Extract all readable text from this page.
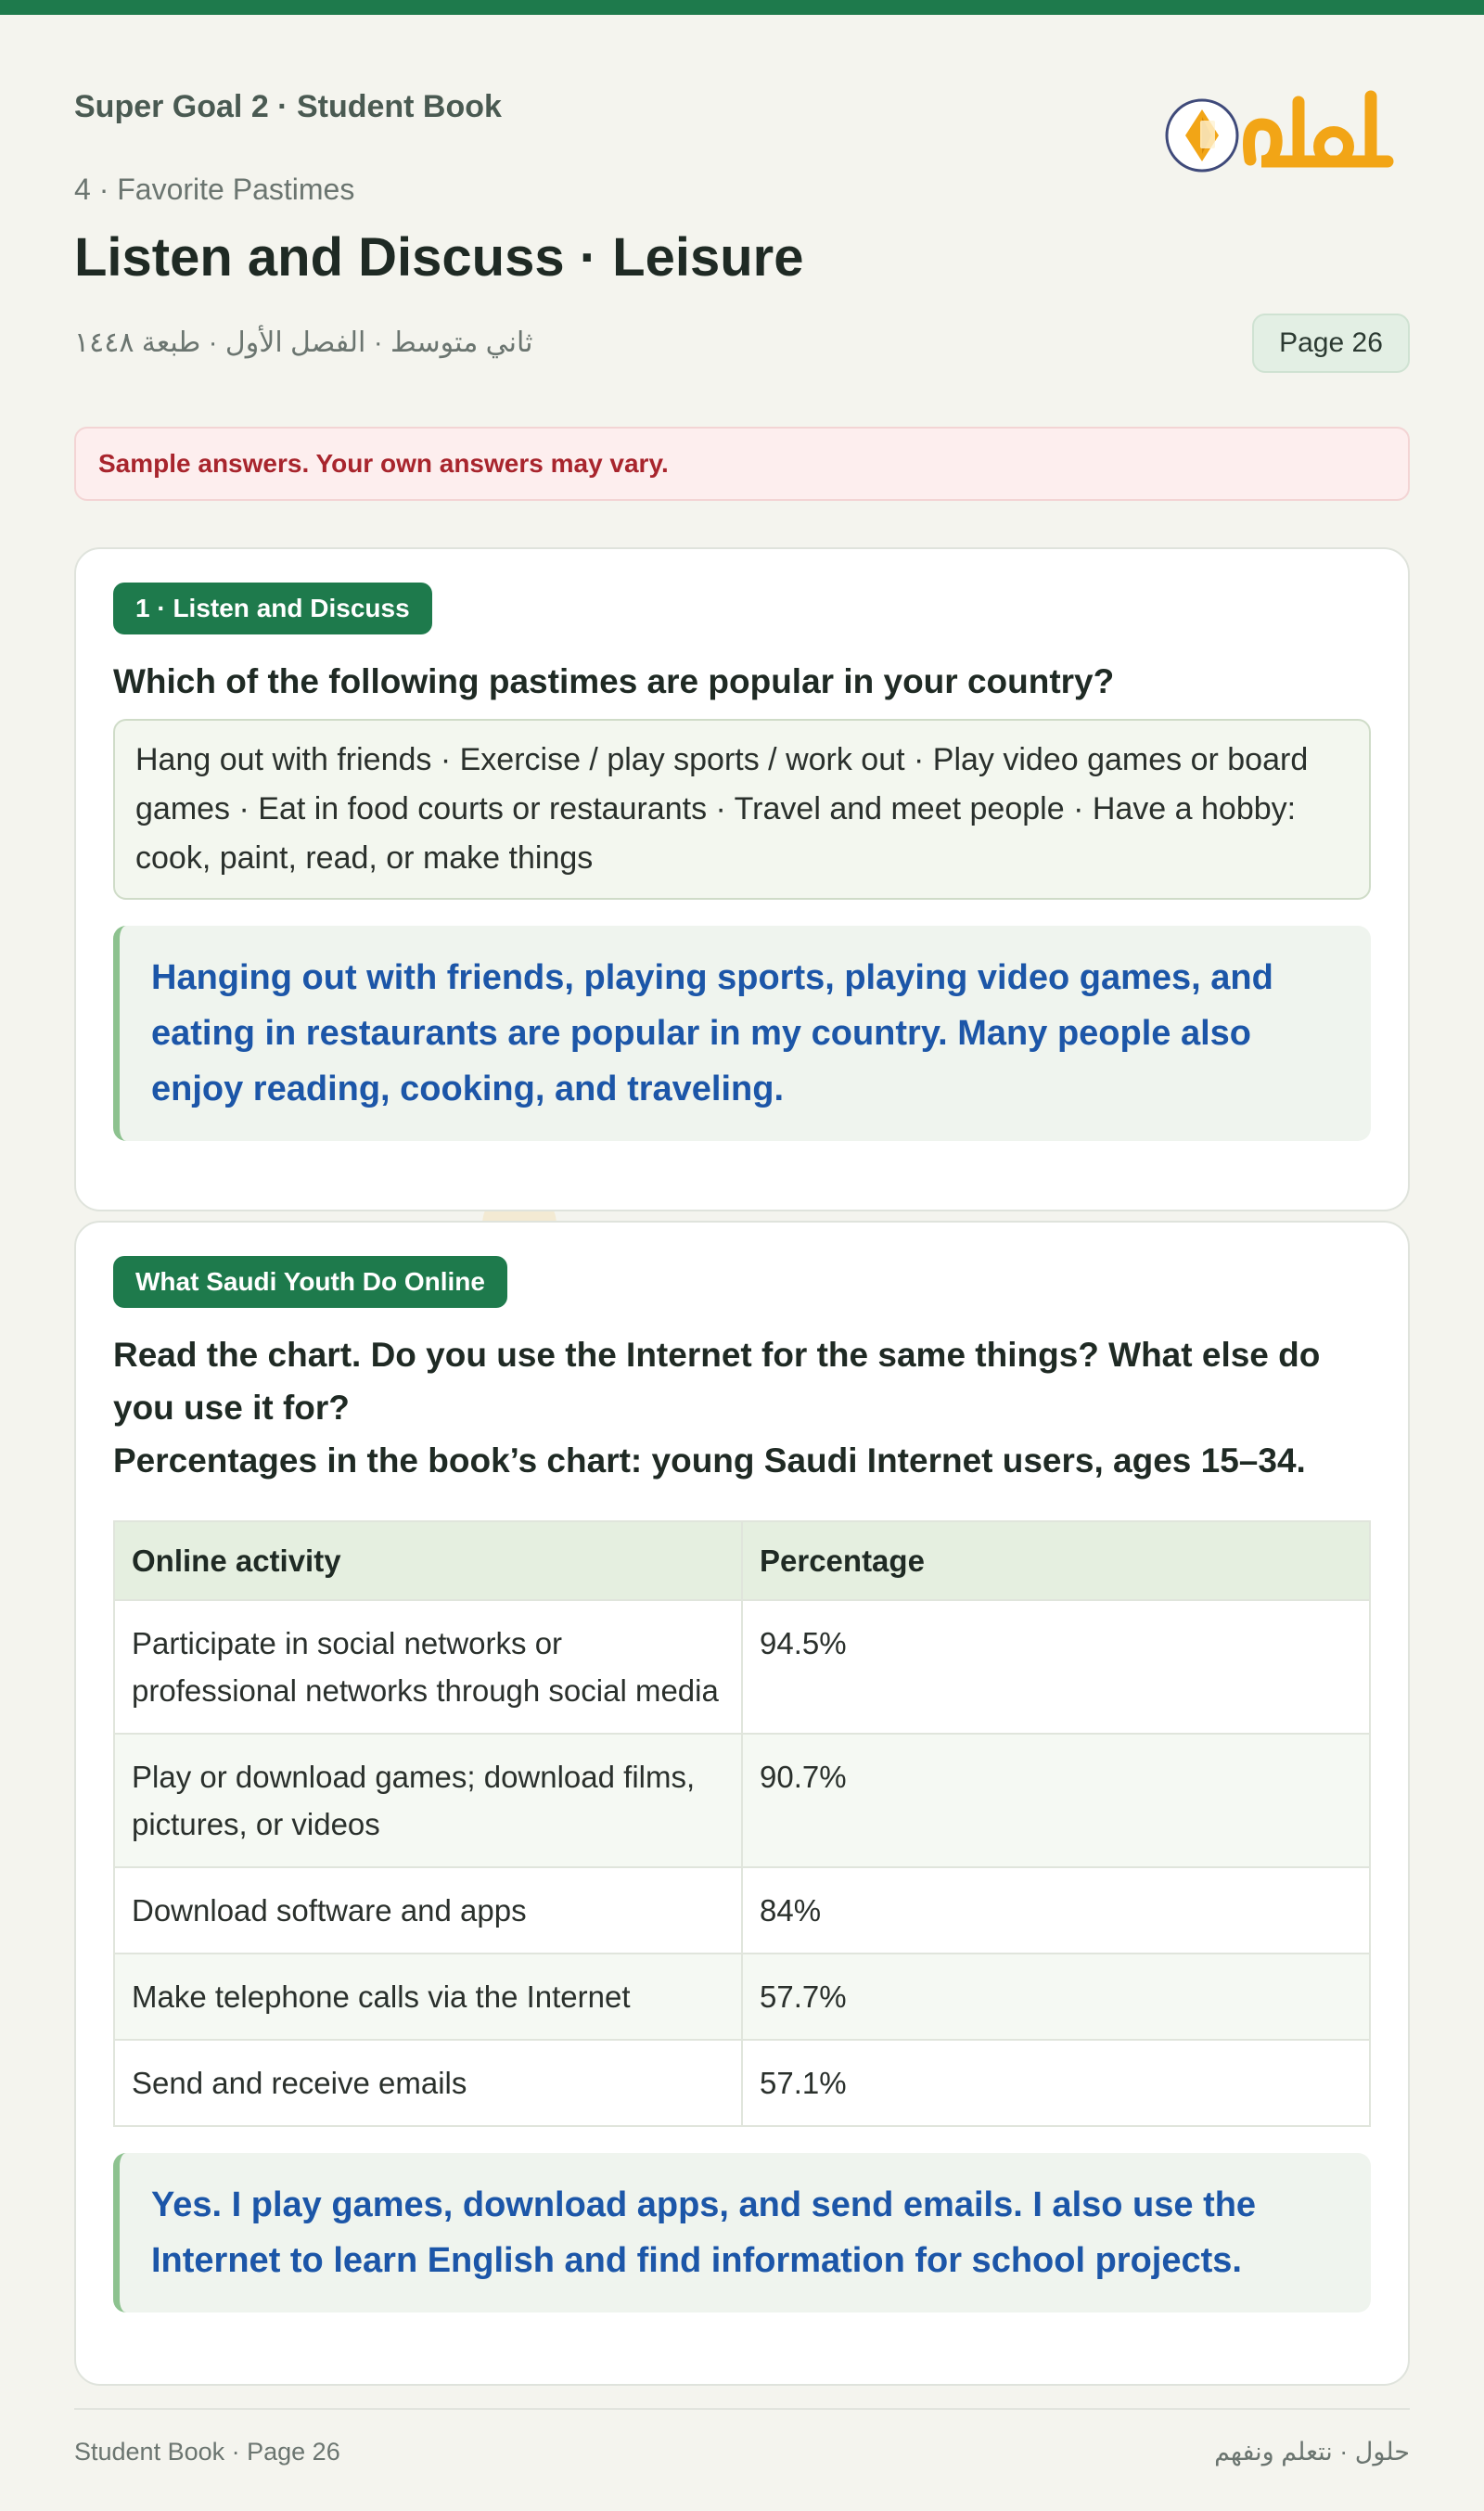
Super Goal 2 · Student Book
4 · Favorite Pastimes
Listen and Discuss · Leisure
ثاني متوسط · الفصل الأول · طبعة ١٤٤٨	Page 26
Sample answers. Your own answers may vary.
1 · Listen and Discuss
Which of the following pastimes are popular in your country?
Hang out with friends · Exercise / play sports / work out · Play video games or board games · Eat in food courts or restaurants · Travel and meet people · Have a hobby: cook, paint, read, or make things
Hanging out with friends, playing sports, playing video games, and eating in restaurants are popular in my country. Many people also enjoy reading, cooking, and traveling.
What Saudi Youth Do Online
Read the chart. Do you use the Internet for the same things? What else do you use it for?
Percentages in the book’s chart: young Saudi Internet users, ages 15–34.
Online activity	Percentage
Participate in social networks or professional networks through social media	94.5%
Play or download games; download films, pictures, or videos	90.7%
Download software and apps	84%
Make telephone calls via the Internet	57.7%
Send and receive emails	57.1%
Yes. I play games, download apps, and send emails. I also use the Internet to learn English and find information for school projects.
Student Book · Page 26	حلول · نتعلم ونفهم
